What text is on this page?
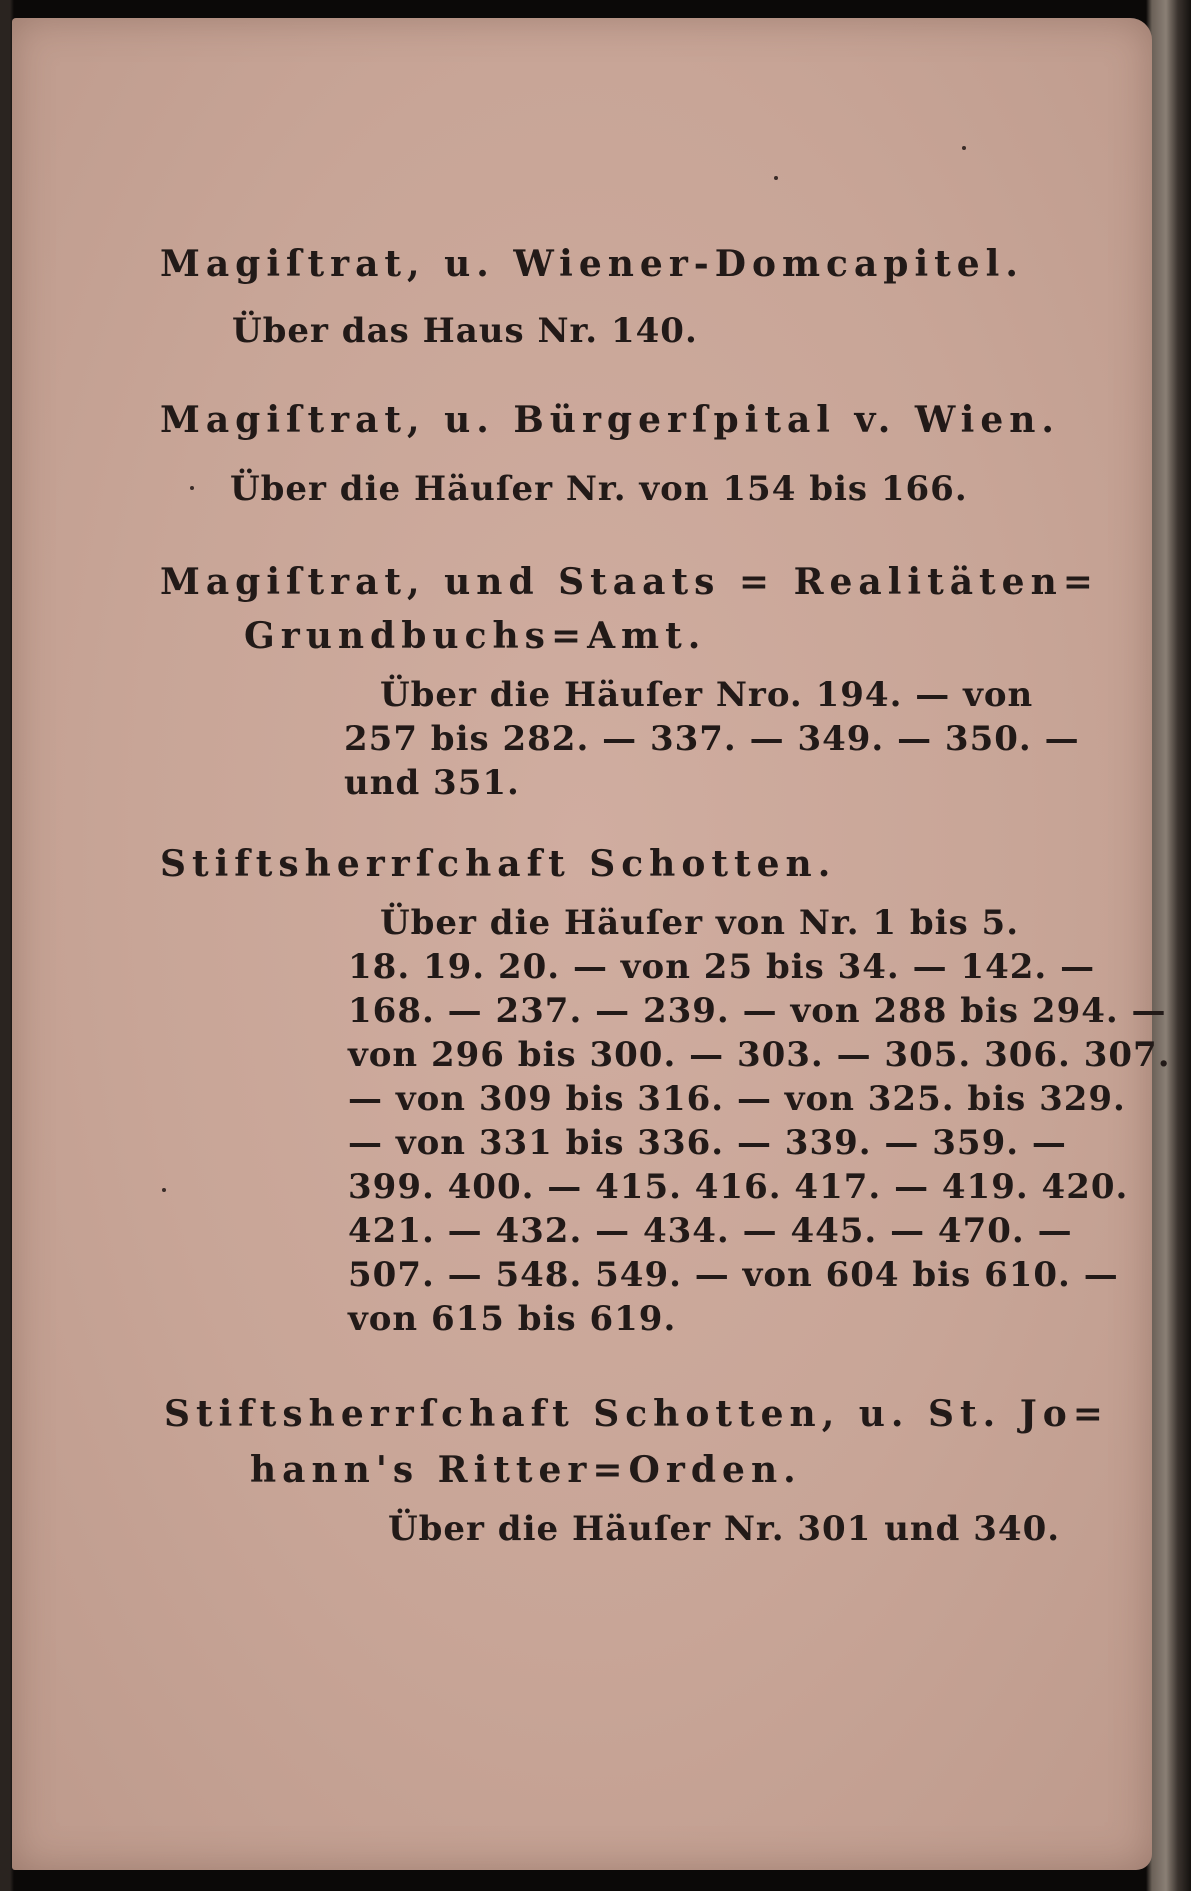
Magiſtrat, u. Wiener-Domcapitel.
Über das Haus Nr. 140.
Magiſtrat, u. Bürgerſpital v. Wien.
Über die Häuſer Nr. von 154 bis 166.
Magiſtrat, und Staats = Realitäten=
Grundbuchs=Amt.
Über die Häuſer Nro. 194. — von
257 bis 282. — 337. — 349. — 350. —
und 351.
Stiftsherrſchaft Schotten.
Über die Häuſer von Nr. 1 bis 5.
18. 19. 20. — von 25 bis 34. — 142. —
168. — 237. — 239. — von 288 bis 294. —
von 296 bis 300. — 303. — 305. 306. 307.
— von 309 bis 316. — von 325. bis 329.
— von 331 bis 336. — 339. — 359. —
399. 400. — 415. 416. 417. — 419. 420.
421. — 432. — 434. — 445. — 470. —
507. — 548. 549. — von 604 bis 610. —
von 615 bis 619.
Stiftsherrſchaft Schotten, u. St. Jo=
hann's Ritter=Orden.
Über die Häuſer Nr. 301 und 340.
